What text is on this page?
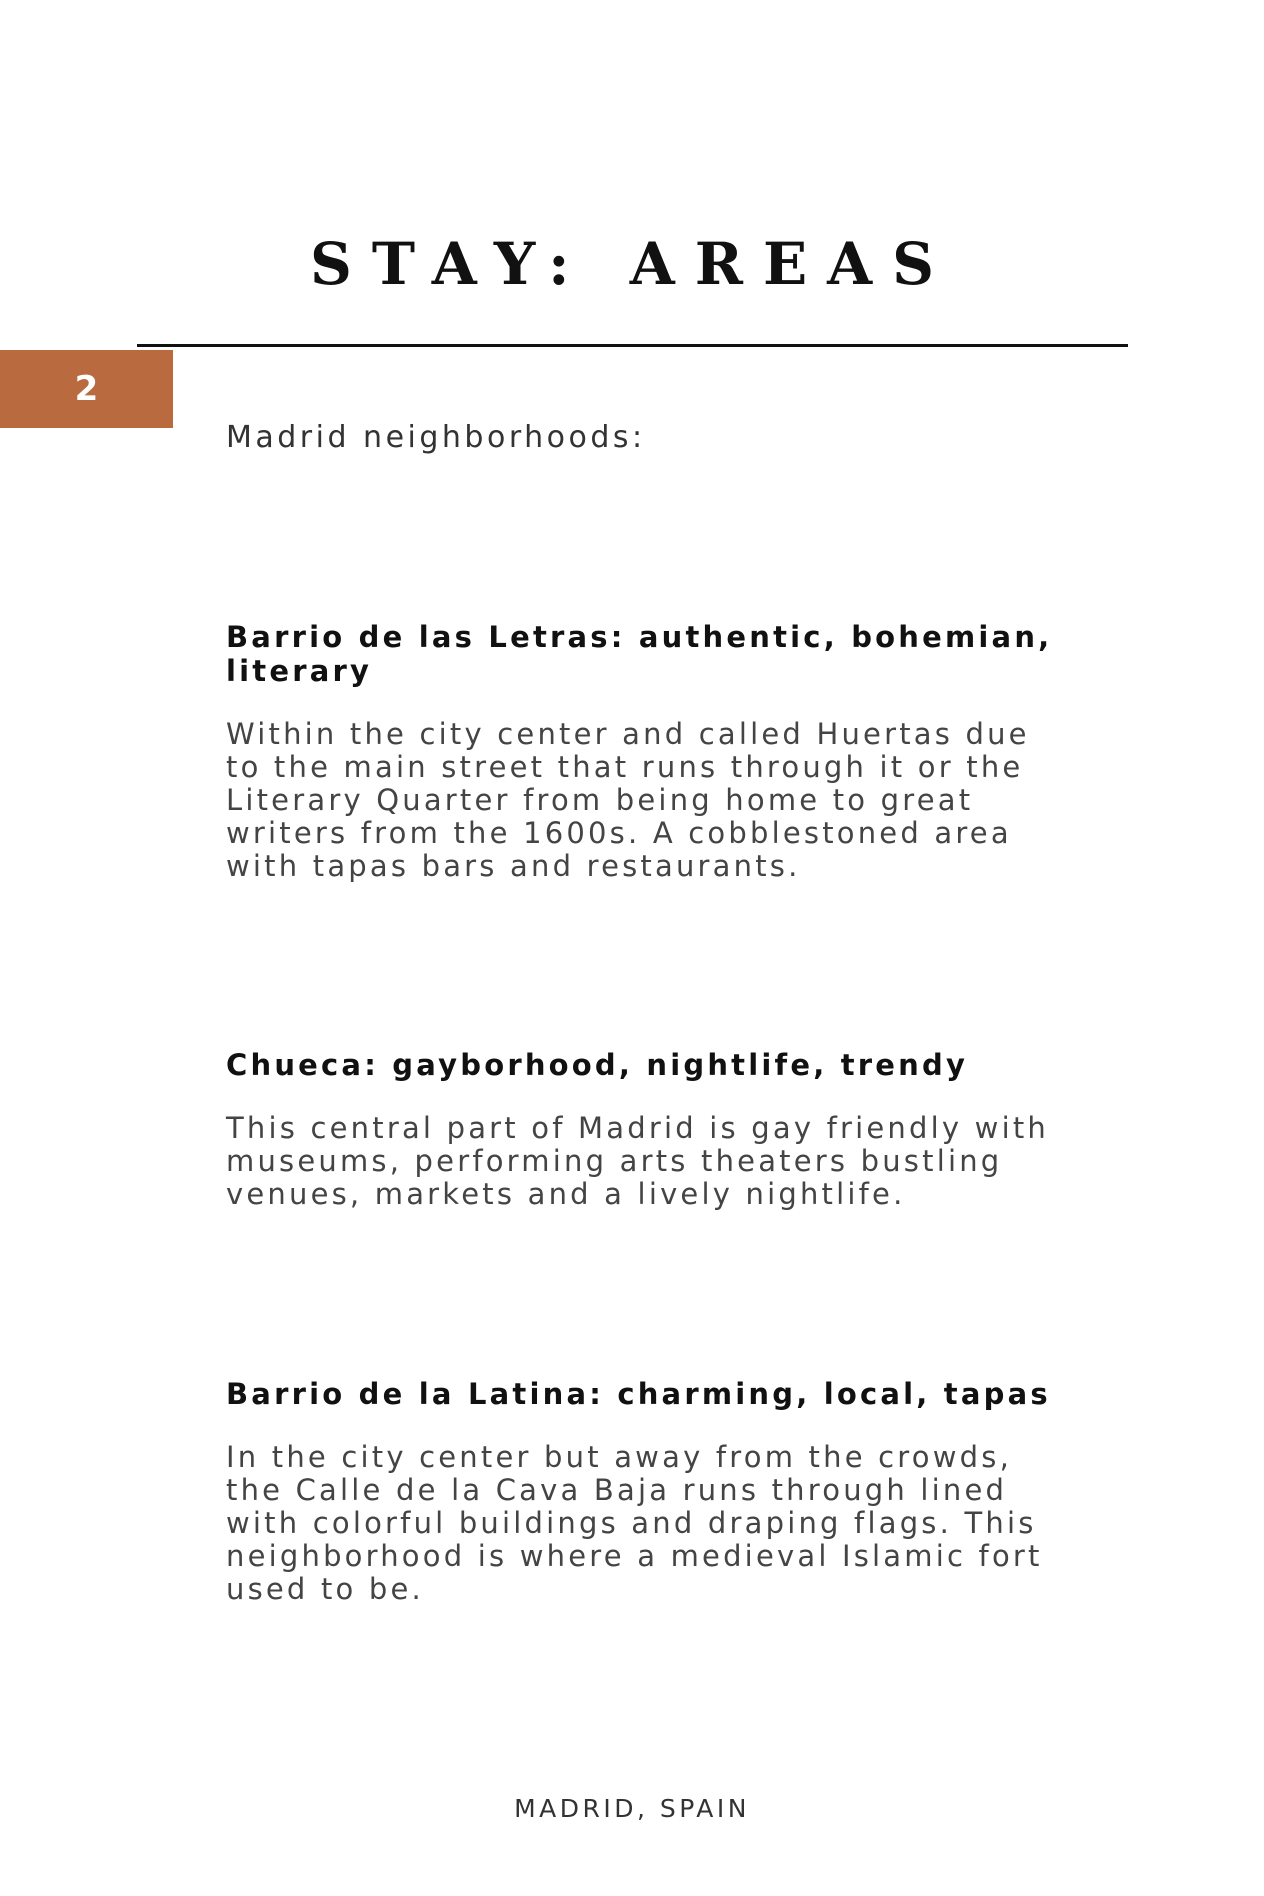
STAY: AREAS
2
Madrid neighborhoods:
Barrio de las Letras: authentic, bohemian, literary

Within the city center and called Huertas due to the main street that runs through it or the Literary Quarter from being home to great writers from the 1600s. A cobblestoned area with tapas bars and restaurants.

Chueca: gayborhood, nightlife, trendy

This central part of Madrid is gay friendly with museums, performing arts theaters bustling venues, markets and a lively nightlife.

Barrio de la Latina: charming, local, tapas

In the city center but away from the crowds, the Calle de la Cava Baja runs through lined with colorful buildings and draping flags. This neighborhood is where a medieval Islamic fort used to be.

MADRID, SPAIN
